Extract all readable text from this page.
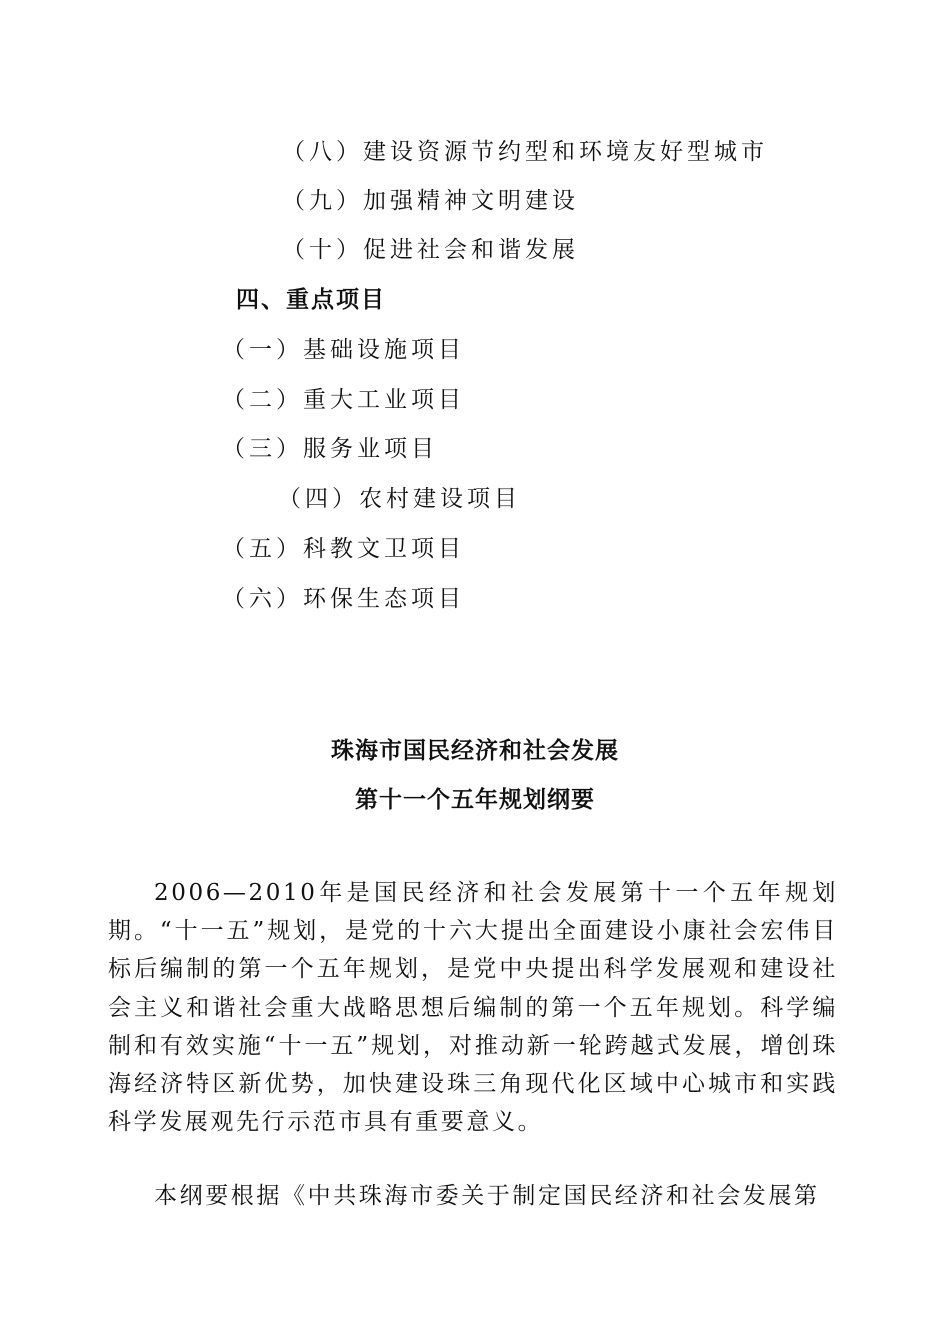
（八）建设资源节约型和环境友好型城市
（九）加强精神文明建设
（十）促进社会和谐发展
四、重点项目
（一）基础设施项目
（二）重大工业项目
（三）服务业项目
（四）农村建设项目
（五）科教文卫项目
（六）环保生态项目
珠海市国民经济和社会发展
第十一个五年规划纲要

2006—2010年是国民经济和社会发展第十一个五年规划期。“十一五”规划，是党的十六大提出全面建设小康社会宏伟目标后编制的第一个五年规划，是党中央提出科学发展观和建设社会主义和谐社会重大战略思想后编制的第一个五年规划。科学编制和有效实施“十一五”规划，对推动新一轮跨越式发展，增创珠海经济特区新优势，加快建设珠三角现代化区域中心城市和实践科学发展观先行示范市具有重要意义。

本纲要根据《中共珠海市委关于制定国民经济和社会发展第
